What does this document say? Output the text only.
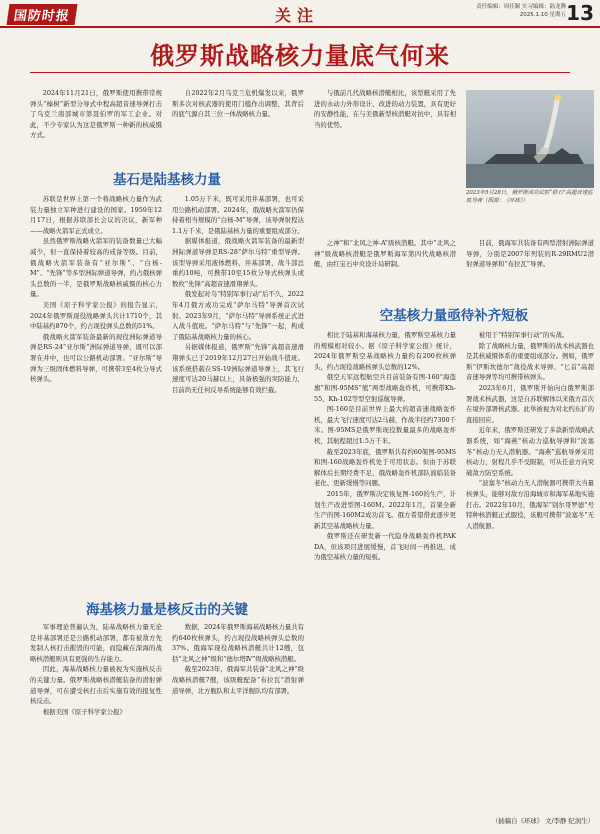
国防时报	关注	责任编辑：周佳颖 实习编辑：陆龙腾
2025.1.10 星期五 13
俄罗斯战略核力量底气何来

2024年11月21日，俄罗斯使用携带常规弹头“榛树”新型分导式中程高超音速导弹打击了乌克兰南部城市第聂伯罗的军工企业。对此，不少专家认为这是俄罗斯一种新的核威慑方式。

自2022年2月乌克兰危机爆发以来，俄罗斯多次对核武器的使用门槛作出调整，其背后的底气源自其三位一体战略核力量。

与俄前几代战略核潜艇相比，该型艇采用了先进的水动力外形设计、改进的动力装置，具有更好的安静性能，在与美俄新型核潜艇对抗中，具有相当的优势。

2023年5月28日，俄罗斯成功试射“锆石”高超音速巡航导弹（图源：《环球》）
基石是陆基核力量

苏联是世界上第一个将战略核力量作为武装力量独立军种进行建设的国家。1959年12月17日，根据苏联部长会议的决议，新军种——战略火箭军正式成立。

虽然俄罗斯战略火箭军的装备数量已大幅减少，但一直保持着较高的戒备等级。目前，俄战略火箭军装备有“亚尔斯”、“白杨-M”、“先锋”等多型洲际弹道导弹，约占俄核弹头总数的一半，是俄罗斯战略核威慑的核心力量。

美国《原子科学家公报》的报告显示，2024年俄罗斯现役战略弹头共计1710个，其中陆基约870个，约占现役弹头总数的51%。

俄战略火箭军装备最新的现役洲际弹道导弹是RS-24“亚尔斯”洲际弹道导弹，既可以部署在井中，也可以公路机动部署。“亚尔斯”导弹为三级固体燃料导弹，可携带3至4枚分导式核弹头。

1.05万千米，既可采用井基部署，也可采用公路机动部署。2024年，俄战略火箭军仍保持着相当规模的“白杨-M”导弹，该导弹射程达1.1万千米，是俄陆基核力量的重要组成部分。

据媒体报道，俄战略火箭军装备的最新型洲际弹道导弹是RS-28“萨尔马特”重型导弹。该型导弹采用液体燃料，井基部署，战斗部总重约10吨，可携带10至15枚分导式核弹头或数枚“先锋”高超音速滑翔弹头。

俄发起对乌“特别军事行动”后不久，2022年4月俄方成功完成“萨尔马特”导弹首次试射。2023年9月，“萨尔马特”导弹系统正式进入战斗值班。“萨尔马特”与“先锋”一起，构成了俄陆基战略核力量的核心。

另据媒体报道，俄罗斯“先锋”高超音速滑翔弹头已于2019年12月27日开始战斗值班。该系统搭载在SS-19洲际弹道导弹上，其飞行速度可达20马赫以上，具备极强的突防能力，目前尚无任何反导系统能够有效拦截。

海基核力量是核反击的关键

军事理论普遍认为，陆基战略核力量无论是井基部署还是公路机动部署，都有被敌方先发制人核打击摧毁的可能，而隐藏在深海的战略核潜艇则具有更强的生存能力。

因此，海基战略核力量被视为实施核反击的关键力量。俄罗斯战略核潜艇装备的潜射弹道导弹，可在遭受核打击后实施有效的报复性核反击。

根据美国《原子科学家公报》

数据，2024年俄罗斯海基战略核力量共有约640枚核弹头，约占现役战略核弹头总数的37%。俄海军现役战略核潜艇共计12艘，包括“北风之神”级和“德尔塔Ⅳ”级战略核潜艇。

截至2023年，俄海军共装备“北风之神”级战略核潜艇7艘，该级艇配备“布拉瓦”潜射弹道导弹，北方舰队和太平洋舰队均有部署。

之神”和“北风之神-A”级核潜艇。其中“北风之神”级战略核潜艇是俄罗斯海军第四代战略核潜艇，由红宝石中央设计局研制。

目前，俄海军共装备有两型潜射洲际弹道导弹，分别是2007年列装的R-29RMU2潜射弹道导弹和“布拉瓦”导弹。

空基核力量亟待补齐短板

相比于陆基和海基核力量，俄罗斯空基核力量的规模相对较小。据《原子科学家公报》统计，2024年俄罗斯空基战略核力量约有200枚核弹头，约占现役战略核弹头总数的12%。

俄空天军远程航空兵目前装备有图-160“海盗旗”和图-95MS“熊”两型战略轰炸机，可携带Kh-55、Kh-102等型空射巡航导弹。

图-160是目前世界上最大的超音速战略轰炸机，最大飞行速度可达2马赫，作战半径约7300千米。图-95MS是俄罗斯现役数量最多的战略轰炸机，其航程超过1.5万千米。

截至2023年底，俄罗斯共有约60架图-95MS和图-160战略轰炸机处于可用状态。但由于苏联解体后长期经费不足，俄战略轰炸机部队面临装备老化、更新缓慢等问题。

2015年，俄罗斯决定恢复图-160的生产，计划生产改进型图-160M。2022年1月，首架全新生产的图-160M2成功首飞。俄方希望借此逐步更新其空基战略核力量。

俄罗斯还在研发新一代隐身战略轰炸机PAK DA，但该项目进展缓慢，首飞时间一再推迟，成为俄空基核力量的短板。

被用于“特别军事行动”的实战。

除了战略核力量，俄罗斯的战术核武器也是其核威慑体系的重要组成部分。例如，俄罗斯“伊斯坎德尔”战役战术导弹、“匕首”高超音速导弹等均可携带核弹头。

2023年6月，俄罗斯开始向白俄罗斯部署战术核武器，这是自苏联解体以来俄方首次在境外部署核武器。此举被视为对北约东扩的直接回应。

近年来，俄罗斯还研发了多款新型战略武器系统，如“海燕”核动力巡航导弹和“波塞冬”核动力无人潜航器。“海燕”巡航导弹采用核动力，射程几乎不受限制，可从任意方向突破敌方防空系统。

“波塞冬”核动力无人潜航器可携带大当量核弹头，能够对敌方沿海城市和海军基地实施打击。2022年10月，俄海军“别尔哥罗德”号特种核潜艇正式服役，该艇可携带“波塞冬”无人潜航器。

（插稿自《环球》 文/李静 纪润生）
